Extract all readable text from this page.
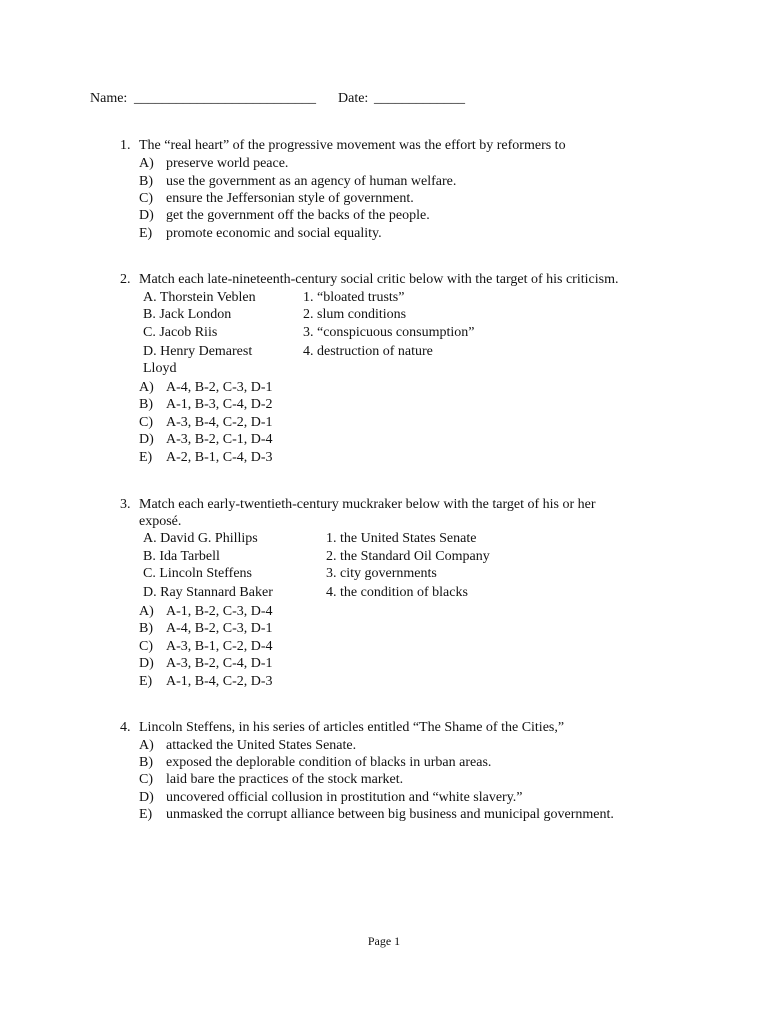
Name: __________________________ Date: _____________
1. The “real heart” of the progressive movement was the effort by reformers to
A) preserve world peace.
B) use the government as an agency of human welfare.
C) ensure the Jeffersonian style of government.
D) get the government off the backs of the people.
E) promote economic and social equality.
2. Match each late-nineteenth-century social critic below with the target of his criticism.
A. Thorstein Veblen
B. Jack London
C. Jacob Riis
D. Henry Demarest
Lloyd
1. “bloated trusts”
2. slum conditions
3. “conspicuous consumption”
4. destruction of nature
A) A-4, B-2, C-3, D-1
B) A-1, B-3, C-4, D-2
C) A-3, B-4, C-2, D-1
D) A-3, B-2, C-1, D-4
E) A-2, B-1, C-4, D-3
3. Match each early-twentieth-century muckraker below with the target of his or her
exposé.
A. David G. Phillips
B. Ida Tarbell
C. Lincoln Steffens
D. Ray Stannard Baker
1. the United States Senate
2. the Standard Oil Company
3. city governments
4. the condition of blacks
A) A-1, B-2, C-3, D-4
B) A-4, B-2, C-3, D-1
C) A-3, B-1, C-2, D-4
D) A-3, B-2, C-4, D-1
E) A-1, B-4, C-2, D-3
4. Lincoln Steffens, in his series of articles entitled “The Shame of the Cities,”
A) attacked the United States Senate.
B) exposed the deplorable condition of blacks in urban areas.
C) laid bare the practices of the stock market.
D) uncovered official collusion in prostitution and “white slavery.”
E) unmasked the corrupt alliance between big business and municipal government.
Page 1
